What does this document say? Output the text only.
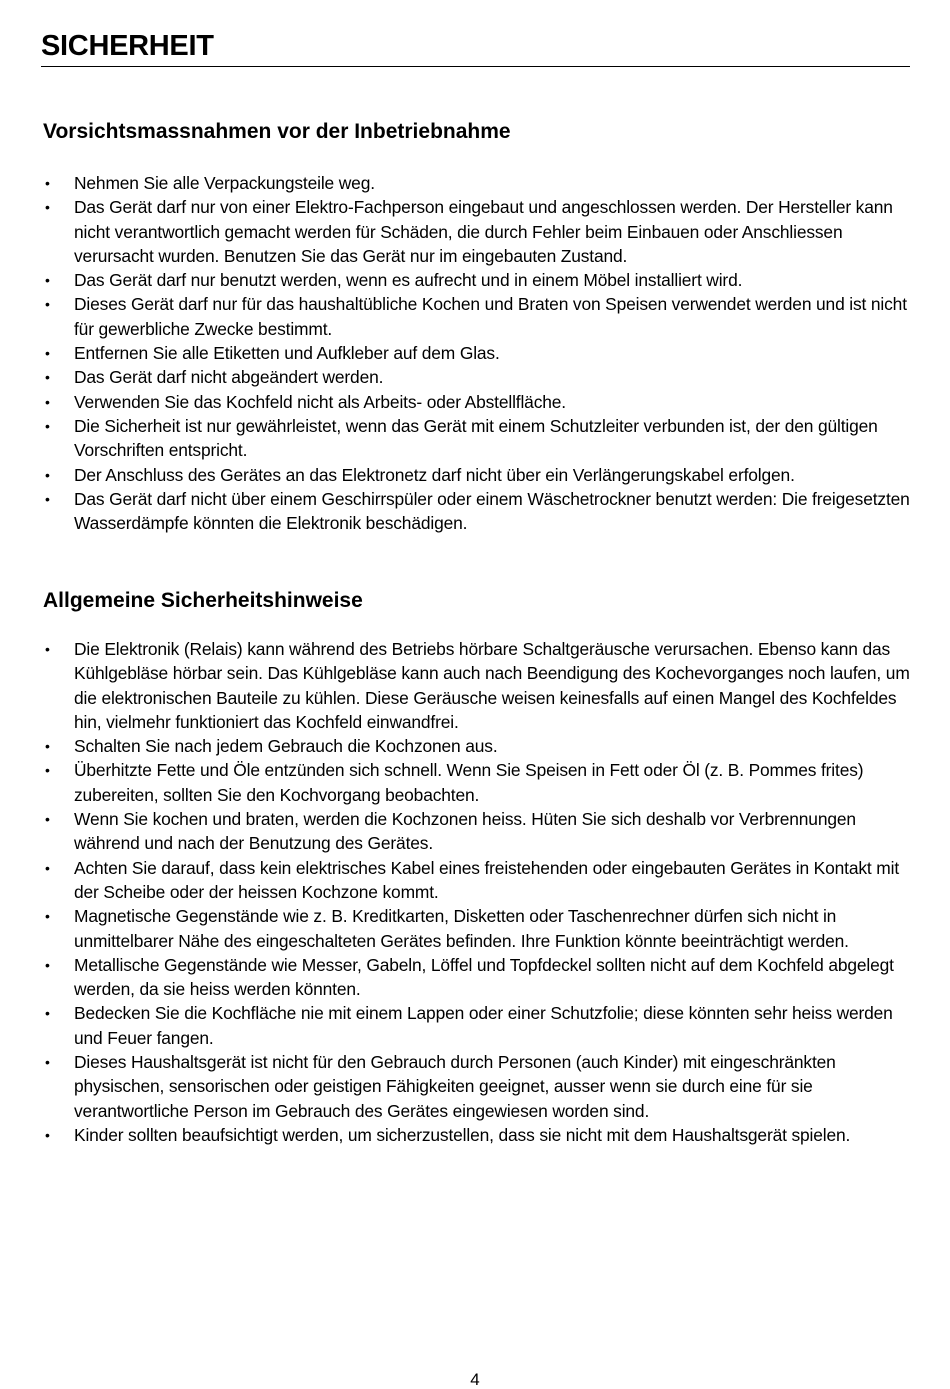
SICHERHEIT
Vorsichtsmassnahmen vor der Inbetriebnahme
• Nehmen Sie alle Verpackungsteile weg.
• Das Gerät darf nur von einer Elektro-Fachperson eingebaut und angeschlossen werden. Der Hersteller kann nicht verantwortlich gemacht werden für Schäden, die durch Fehler beim Einbauen oder Anschliessen verursacht wurden. Benutzen Sie das Gerät nur im eingebauten Zustand.
• Das Gerät darf nur benutzt werden, wenn es aufrecht und in einem Möbel installiert wird.
• Dieses Gerät darf nur für das haushaltübliche Kochen und Braten von Speisen verwendet werden und ist nicht für gewerbliche Zwecke bestimmt.
• Entfernen Sie alle Etiketten und Aufkleber auf dem Glas.
• Das Gerät darf nicht abgeändert werden.
• Verwenden Sie das Kochfeld nicht als Arbeits- oder Abstellfläche.
• Die Sicherheit ist nur gewährleistet, wenn das Gerät mit einem Schutzleiter verbunden ist, der den gültigen Vorschriften entspricht.
• Der Anschluss des Gerätes an das Elektronetz darf nicht über ein Verlängerungskabel erfolgen.
• Das Gerät darf nicht über einem Geschirrspüler oder einem Wäschetrockner benutzt werden: Die freigesetzten Wasserdämpfe könnten die Elektronik beschädigen.
Allgemeine Sicherheitshinweise
• Die Elektronik (Relais) kann während des Betriebs hörbare Schaltgeräusche verursachen. Ebenso kann das Kühlgebläse hörbar sein. Das Kühlgebläse kann auch nach Beendigung des Kochevorganges noch laufen, um die elektronischen Bauteile zu kühlen. Diese Geräusche weisen keinesfalls auf einen Mangel des Kochfeldes hin, vielmehr funktioniert das Kochfeld einwandfrei.
• Schalten Sie nach jedem Gebrauch die Kochzonen aus.
• Überhitzte Fette und Öle entzünden sich schnell. Wenn Sie Speisen in Fett oder Öl (z. B. Pommes frites) zubereiten, sollten Sie den Kochvorgang beobachten.
• Wenn Sie kochen und braten, werden die Kochzonen heiss. Hüten Sie sich deshalb vor Verbrennungen während und nach der Benutzung des Gerätes.
• Achten Sie darauf, dass kein elektrisches Kabel eines freistehenden oder eingebauten Gerätes in Kontakt mit der Scheibe oder der heissen Kochzone kommt.
• Magnetische Gegenstände wie z. B. Kreditkarten, Disketten oder Taschenrechner dürfen sich nicht in unmittelbarer Nähe des eingeschalteten Gerätes befinden. Ihre Funktion könnte beeinträchtigt werden.
• Metallische Gegenstände wie Messer, Gabeln, Löffel und Topfdeckel sollten nicht auf dem Kochfeld abgelegt werden, da sie heiss werden könnten.
• Bedecken Sie die Kochfläche nie mit einem Lappen oder einer Schutzfolie; diese könnten sehr heiss werden und Feuer fangen.
• Dieses Haushaltsgerät ist nicht für den Gebrauch durch Personen (auch Kinder) mit eingeschränkten physischen, sensorischen oder geistigen Fähigkeiten geeignet, ausser wenn sie durch eine für sie verantwortliche Person im Gebrauch des Gerätes eingewiesen worden sind.
• Kinder sollten beaufsichtigt werden, um sicherzustellen, dass sie nicht mit dem Haushaltsgerät spielen.
4
